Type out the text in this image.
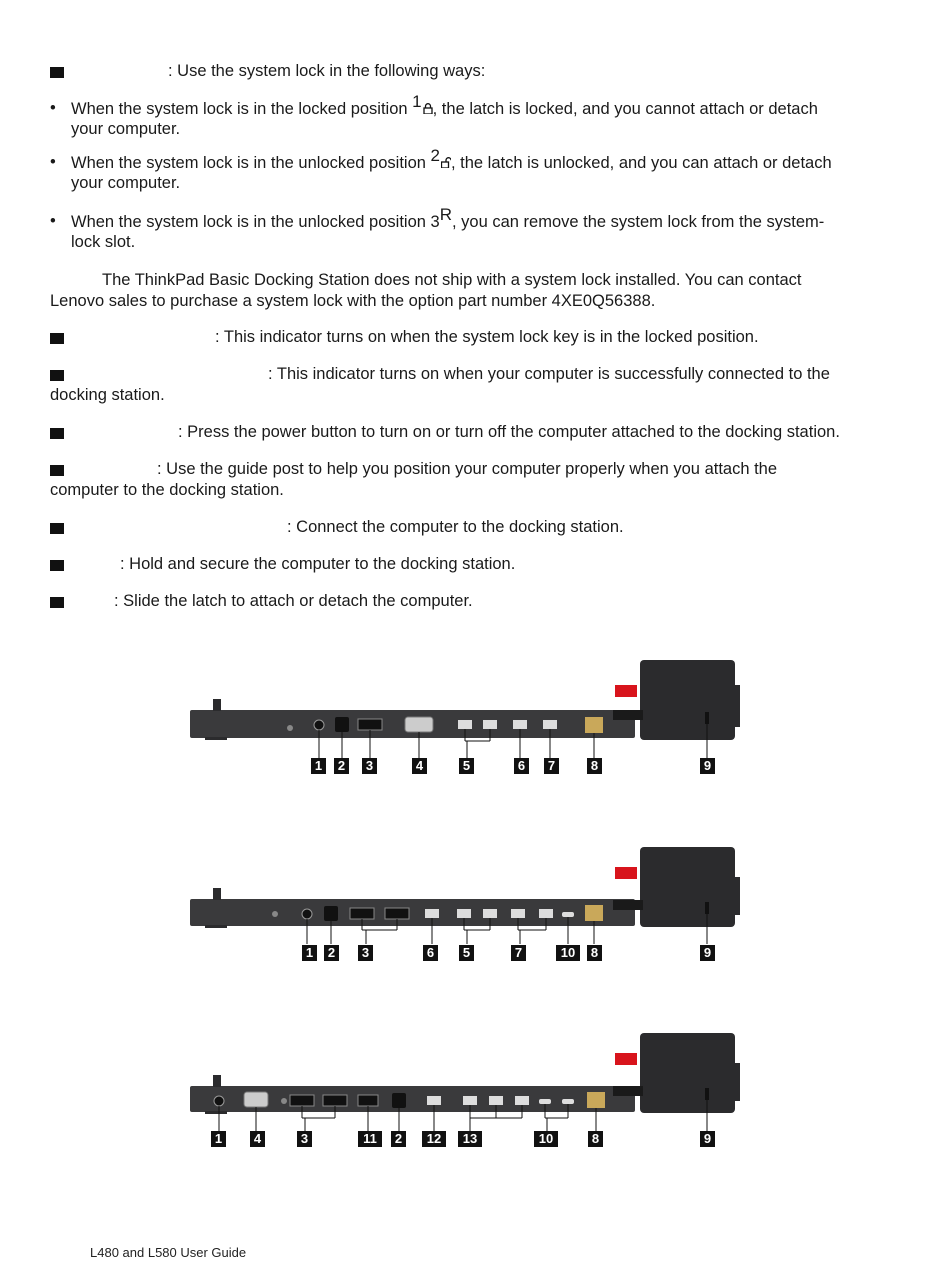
: Use the system lock in the following ways:
• When the system lock is in the locked position 1 , the latch is locked, and you cannot attach or detach
your computer.
• When the system lock is in the unlocked position 2 , the latch is unlocked, and you can attach or detach
your computer.
• When the system lock is in the unlocked position 3R, you can remove the system lock from the system-
lock slot.
The ThinkPad Basic Docking Station does not ship with a system lock installed. You can contact
Lenovo sales to purchase a system lock with the option part number 4XE0Q56388.
: This indicator turns on when the system lock key is in the locked position.
: This indicator turns on when your computer is successfully connected to the
docking station.
: Press the power button to turn on or turn off the computer attached to the docking station.
: Use the guide post to help you position your computer properly when you attach the
computer to the docking station.
: Connect the computer to the docking station.
: Hold and secure the computer to the docking station.
: Slide the latch to attach or detach the computer.
1 2 3	4	5	6 7	8	9
1 2 3	6 5	7	10	8	9
1 4	3	11	2	12	13	10	8	9
L480 and L580 User Guide
